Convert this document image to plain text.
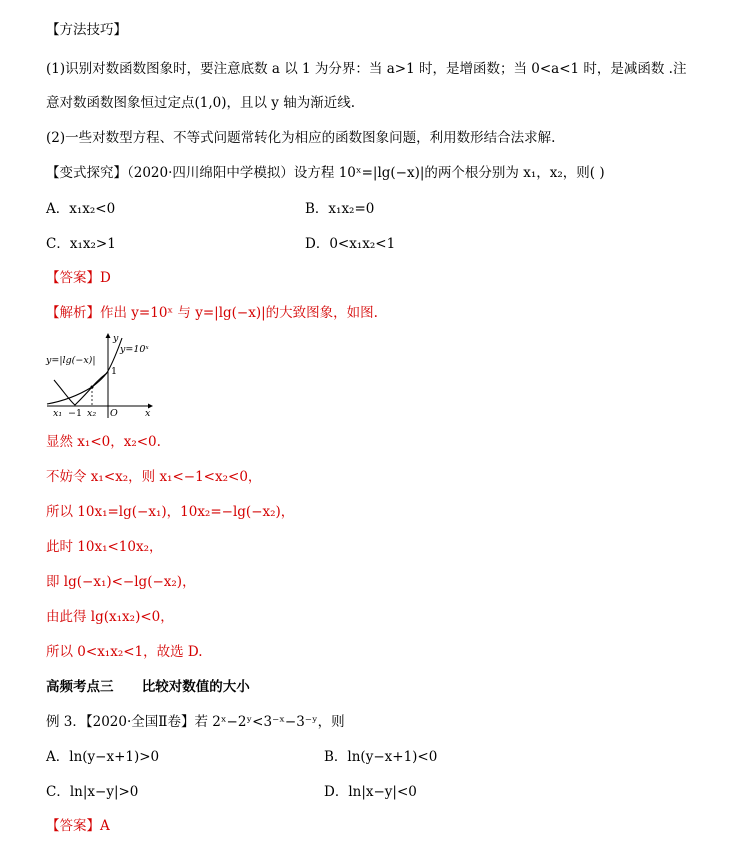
【方法技巧】
(1)识别对数函数图象时，要注意底数 a 以 1 为分界：当 a>1 时，是增函数；当 0<a<1 时，是减函数 .注
意对数函数图象恒过定点(1,0)，且以 y 轴为渐近线.
(2)一些对数型方程、不等式问题常转化为相应的函数图象问题，利用数形结合法求解.
【变式探究】（2020·四川绵阳中学模拟）设方程 10ˣ=|lg(−x)|的两个根分别为 x₁，x₂，则( )
A．x₁x₂<0	B．x₁x₂=0
C．x₁x₂>1	D．0<x₁x₂<1
【答案】D
【解析】作出 y=10ˣ 与 y=|lg(−x)|的大致图象，如图.
y=|lg(−x)|
y=10ˣ
y
x
1
x₁ −1 x₂ O
显然 x₁<0，x₂<0.
不妨令 x₁<x₂，则 x₁<−1<x₂<0，
所以 10x₁=lg(−x₁)，10x₂=−lg(−x₂)，
此时 10x₁<10x₂，
即 lg(−x₁)<−lg(−x₂)，
由此得 lg(x₁x₂)<0，
所以 0<x₁x₂<1，故选 D.
高频考点三      比较对数值的大小
例 3．【2020·全国Ⅱ卷】若 2ˣ−2ʸ<3⁻ˣ−3⁻ʸ，则
A．ln(y−x+1)>0	B．ln(y−x+1)<0
C．ln|x−y|>0	D．ln|x−y|<0
【答案】A
